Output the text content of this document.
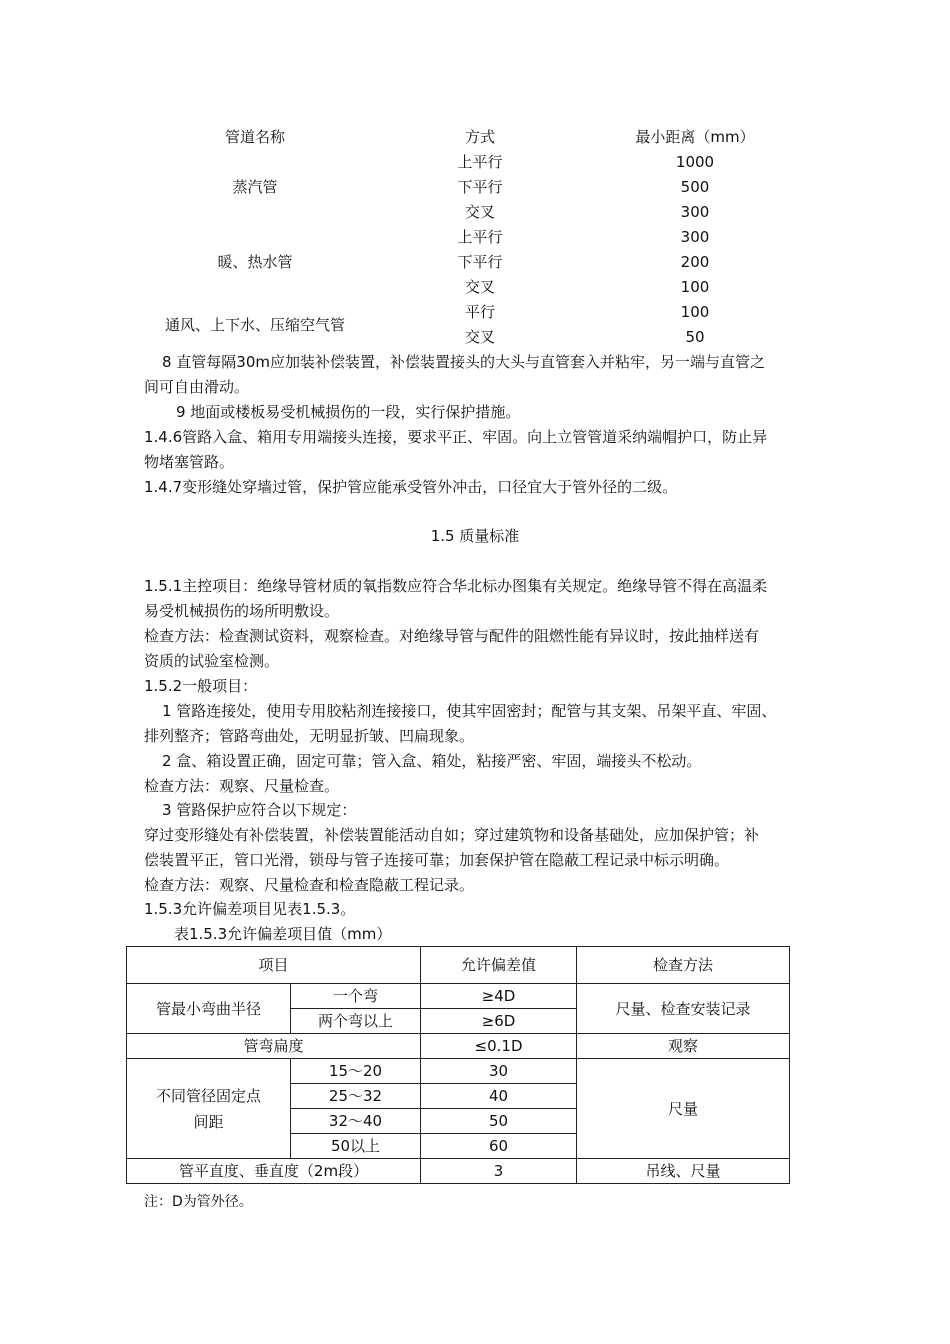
管道名称	方式	最小距离（mm）
蒸汽管	上平行	1000
	下平行	500
	交叉	300
暖、热水管	上平行	300
	下平行	200
	交叉	100
通风、上下水、压缩空气管	平行	100
	交叉	50
8 直管每隔30m应加装补偿装置，补偿装置接头的大头与直管套入并粘牢，另一端与直管之
间可自由滑动。
9 地面或楼板易受机械损伤的一段，实行保护措施。
1.4.6管路入盒、箱用专用端接头连接，要求平正、牢固。向上立管管道采纳端帽护口，防止异
物堵塞管路。
1.4.7变形缝处穿墙过管，保护管应能承受管外冲击，口径宜大于管外径的二级。
1.5 质量标准
1.5.1主控项目：绝缘导管材质的氧指数应符合华北标办图集有关规定。绝缘导管不得在高温柔
易受机械损伤的场所明敷设。
检查方法：检查测试资料，观察检查。对绝缘导管与配件的阻燃性能有异议时，按此抽样送有
资质的试验室检测。
1.5.2一般项目：
1 管路连接处，使用专用胶粘剂连接接口，使其牢固密封；配管与其支架、吊架平直、牢固、
排列整齐；管路弯曲处，无明显折皱、凹扁现象。
2 盒、箱设置正确，固定可靠；管入盒、箱处，粘接严密、牢固，端接头不松动。
检查方法：观察、尺量检查。
3 管路保护应符合以下规定：
穿过变形缝处有补偿装置，补偿装置能活动自如；穿过建筑物和设备基础处，应加保护管；补
偿装置平正，管口光滑，锁母与管子连接可靠；加套保护管在隐蔽工程记录中标示明确。
检查方法：观察、尺量检查和检查隐蔽工程记录。
1.5.3允许偏差项目见表1.5.3。
表1.5.3允许偏差项目值（mm）
项目		允许偏差值	检查方法
管最小弯曲半径	一个弯	≥4D	尺量、检查安装记录
	两个弯以上	≥6D	
管弯扁度		≤0.1D	观察

不同管径固定点
间距	15～20	30	尺量
	25～32	40	
	32～40	50	
	50以上	60	
管平直度、垂直度（2m段）		3	吊线、尺量
注：D为管外径。
